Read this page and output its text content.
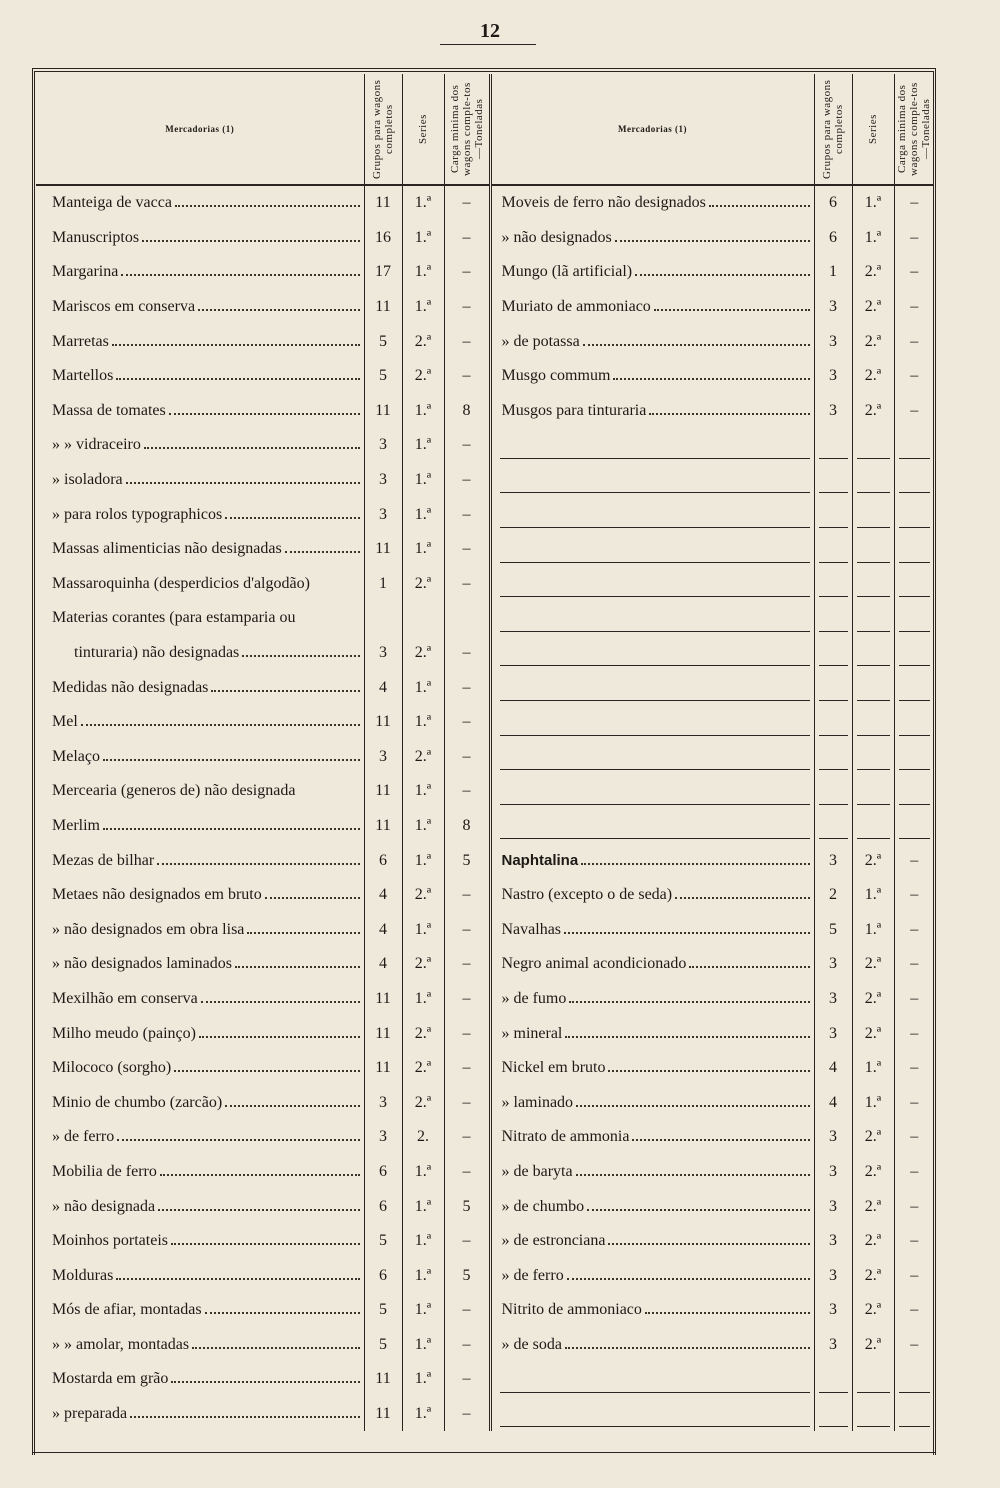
12
Mercadorias (1)	Grupos para wagons completos	Series	Carga minima dos wagons comple-tos—Toneladas	Mercadorias (1)	Grupos para wagons completos	Series	Carga minima dos wagons comple-tos—Toneladas

Manteiga de vacca	11	1.ª	–	Moveis de ferro não designados	6	1.ª	–

Manuscriptos	16	1.ª	–	» não designados	6	1.ª	–

Margarina	17	1.ª	–	Mungo (lã artificial)	1	2.ª	–

Mariscos em conserva	11	1.ª	–	Muriato de ammoniaco	3	2.ª	–

Marretas	5	2.ª	–	» de potassa	3	2.ª	–

Martellos	5	2.ª	–	Musgo commum	3	2.ª	–

Massa de tomates	11	1.ª	8	Musgos para tinturaria	3	2.ª	–

» » vidraceiro	3	1.ª	–				

» isoladora	3	1.ª	–				

» para rolos typographicos	3	1.ª	–				

Massas alimenticias não designadas	11	1.ª	–				

Massaroquinha (desperdicios d'algodão)	1	2.ª	–				

Materias corantes (para estamparia ou							

tinturaria) não designadas	3	2.ª	–				

Medidas não designadas	4	1.ª	–				

Mel	11	1.ª	–				

Melaço	3	2.ª	–				

Mercearia (generos de) não designada	11	1.ª	–				

Merlim	11	1.ª	8				

Mezas de bilhar	6	1.ª	5	Naphtalina	3	2.ª	–

Metaes não designados em bruto	4	2.ª	–	Nastro (excepto o de seda)	2	1.ª	–

» não designados em obra lisa	4	1.ª	–	Navalhas	5	1.ª	–

» não designados laminados	4	2.ª	–	Negro animal acondicionado	3	2.ª	–

Mexilhão em conserva	11	1.ª	–	» de fumo	3	2.ª	–

Milho meudo (painço)	11	2.ª	–	» mineral	3	2.ª	–

Milococo (sorgho)	11	2.ª	–	Nickel em bruto	4	1.ª	–

Minio de chumbo (zarcão)	3	2.ª	–	» laminado	4	1.ª	–

» de ferro	3	2.	–	Nitrato de ammonia	3	2.ª	–

Mobilia de ferro	6	1.ª	–	» de baryta	3	2.ª	–

» não designada	6	1.ª	5	» de chumbo	3	2.ª	–

Moinhos portateis	5	1.ª	–	» de estronciana	3	2.ª	–

Molduras	6	1.ª	5	» de ferro	3	2.ª	–

Mós de afiar, montadas	5	1.ª	–	Nitrito de ammoniaco	3	2.ª	–

» » amolar, montadas	5	1.ª	–	» de soda	3	2.ª	–

Mostarda em grão	11	1.ª	–				

» preparada	11	1.ª	–				
